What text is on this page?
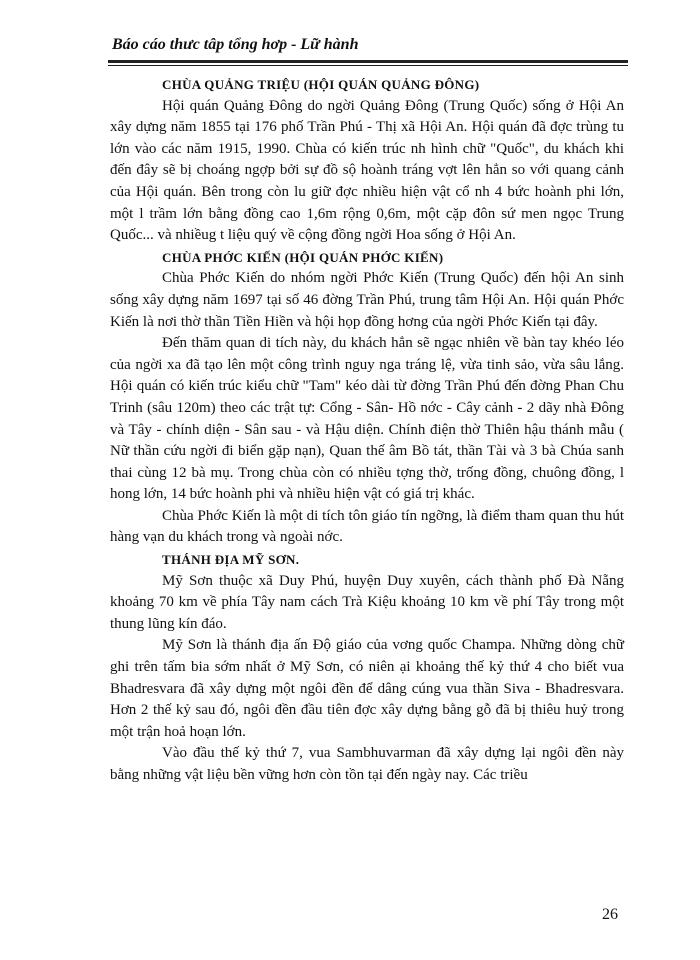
Báo cáo thưc tâp tổng hơp - Lữ hành
CHÙA QUẢNG TRIỆU (HỘI QUÁN QUẢNG ĐÔNG)

Hội quán Quảng Đông do ngời Quảng Đông (Trung Quốc) sống ở Hội An xây dựng năm 1855 tại 176 phố Trần Phú - Thị xã Hội An. Hội quán đã đợc trùng tu lớn vào các năm 1915, 1990. Chùa có kiến trúc nh hình chữ "Quốc", du khách khi đến đây sẽ bị choáng ngợp bởi sự đồ sộ hoành tráng vợt lên hẳn so với quang cảnh của Hội quán. Bên trong còn lu giữ đợc nhiều hiện vật cổ nh 4 bức hoành phi lớn, một l trầm lớn bằng đồng cao 1,6m rộng 0,6m, một cặp đôn sứ men ngọc Trung Quốc... và nhiềug t liệu quý về cộng đồng ngời Hoa sống ở Hội An.

CHÙA PHỚC KIẾN (HỘI QUÁN PHỚC KIẾN)

Chùa Phớc Kiến do nhóm ngời Phớc Kiến (Trung Quốc) đến hội An sinh sống xây dựng năm 1697 tại số 46 đờng Trần Phú, trung tâm Hội An. Hội quán Phớc Kiến là nơi thờ thần Tiền Hiền và hội họp đồng hơng của ngời Phớc Kiến tại đây.

Đến thăm quan di tích này, du khách hẳn sẽ ngạc nhiên về bàn tay khéo léo của ngời xa đã tạo lên một công trình nguy nga tráng lệ, vừa tinh sảo, vừa sâu lắng. Hội quán có kiến trúc kiểu chữ "Tam" kéo dài từ đờng Trần Phú đến đờng Phan Chu Trinh (sâu 120m) theo các trật tự: Cổng - Sân- Hồ nớc - Cây cảnh - 2 dãy nhà Đông và Tây - chính diện - Sân sau - và Hậu diện. Chính điện thờ Thiên hậu thánh mẫu ( Nữ thần cứu ngời đi biển gặp nạn), Quan thế âm Bồ tát, thần Tài và 3 bà Chúa sanh thai cùng 12 bà mụ. Trong chùa còn có nhiều tợng thờ, trống đồng, chuông đồng, l hong lớn, 14 bức hoành phi và nhiều hiện vật có giá trị khác.

Chùa Phớc Kiến là một di tích tôn giáo tín ngỡng, là điểm tham quan thu hút hàng vạn du khách trong và ngoài nớc.

THÁNH ĐỊA MỸ SƠN.

Mỹ Sơn thuộc xã Duy Phú, huyện Duy xuyên, cách thành phố Đà Nẵng khoảng 70 km về phía Tây nam cách Trà Kiệu khoảng 10 km về phí Tây trong một thung lũng kín đáo.

Mỹ Sơn là thánh địa ấn Độ giáo của vơng quốc Champa. Những dòng chữ ghi trên tấm bia sớm nhất ở Mỹ Sơn, có niên ại khoảng thế kỷ thứ 4 cho biết vua Bhadresvara đã xây dựng một ngôi đền để dâng cúng vua thần Siva - Bhadresvara. Hơn 2 thế kỷ sau đó, ngôi đền đầu tiên đợc xây dựng bằng gỗ đã bị thiêu huỷ trong một trận hoả hoạn lớn.

Vào đầu thế kỷ thứ 7, vua Sambhuvarman đã xây dựng lại ngôi đền này bằng những vật liệu bền vững hơn còn tồn tại đến ngày nay. Các triều

26
